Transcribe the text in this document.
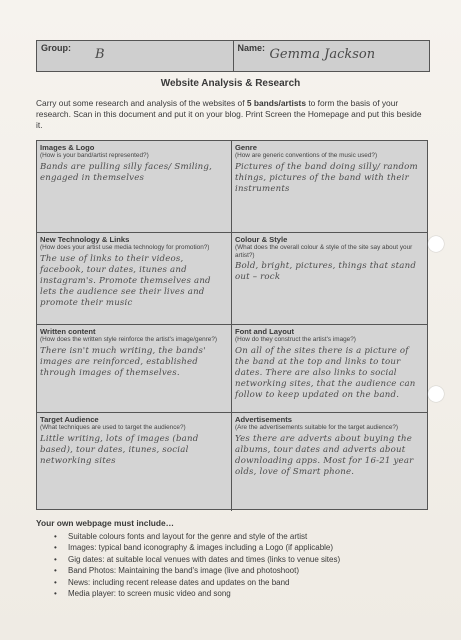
Group: B	Name: Gemma Jackson
Website Analysis & Research
Carry out some research and analysis of the websites of 5 bands/artists to form the basis of your research. Scan in this document and put it on your blog. Print Screen the Homepage and put this beside it.
Images & Logo
(How is your band/artist represented?)
Bands are pulling silly faces/ Smiling, engaged in themselves
Genre
(How are generic conventions of the music used?)
Pictures of the band doing silly/ random things, pictures of the band with their instruments
New Technology & Links
(How does your artist use media technology for promotion?)
The use of links to their videos, facebook, tour dates, itunes and instagram's. Promote themselves and lets the audience see their lives and promote their music
Colour & Style
(What does the overall colour & style of the site say about your artist?)
Bold, bright, pictures, things that stand out – rock
Written content
(How does the written style reinforce the artist's image/genre?)
There isn't much writing, the bands' images are reinforced, established through images of themselves.
Font and Layout
(How do they construct the artist's image?)
On all of the sites there is a picture of the band at the top and links to tour dates. There are also links to social networking sites, that the audience can follow to keep updated on the band.
Target Audience
(What techniques are used to target the audience?)
Little writing, lots of images (band based), tour dates, itunes, social networking sites
Advertisements
(Are the advertisements suitable for the target audience?)
Yes there are adverts about buying the albums, tour dates and adverts about downloading apps. Most for 16-21 year olds, love of Smart phone.
Your own webpage must include…
• Suitable colours fonts and layout for the genre and style of the artist
• Images: typical band iconography & images including a Logo (if applicable)
• Gig dates: at suitable local venues with dates and times (links to venue sites)
• Band Photos: Maintaining the band's image (live and photoshoot)
• News: including recent release dates and updates on the band
• Media player: to screen music video and song
